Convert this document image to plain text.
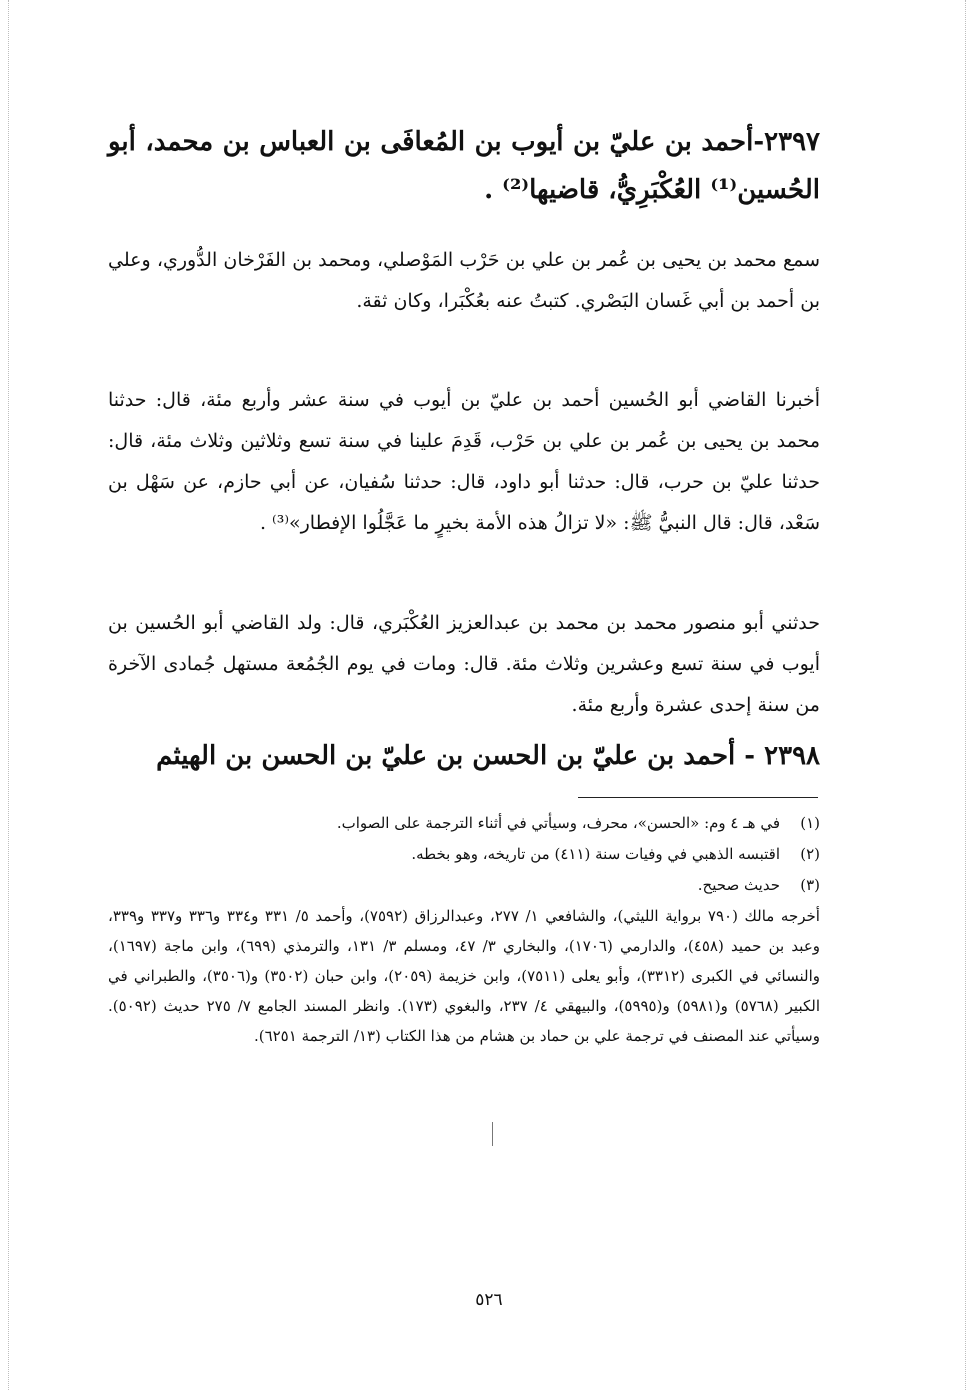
٢٣٩٧-أحمد بن عليّ بن أيوب بن المُعافَى بن العباس بن محمد، أبو الحُسين⁽¹⁾ العُكْبَرِيُّ، قاضيها⁽²⁾ .
سمع محمد بن يحيى بن عُمر بن علي بن حَرْب المَوْصلي، ومحمد بن الفَرْخان الدُّوري، وعلي بن أحمد بن أبي غَسان البَصْري. كتبتُ عنه بعُكْبَرا، وكان ثقة.
أخبرنا القاضي أبو الحُسين أحمد بن عليّ بن أيوب في سنة عشر وأربع مئة، قال: حدثنا محمد بن يحيى بن عُمر بن علي بن حَرْب، قَدِمَ علينا في سنة تسع وثلاثين وثلاث مئة، قال: حدثنا عليّ بن حرب، قال: حدثنا أبو داود، قال: حدثنا سُفيان، عن أبي حازم، عن سَهْل بن سَعْد، قال: قال النبيُّ ﷺ: «لا تزالُ هذه الأمة بخيرٍ ما عَجَّلُوا الإفطار»⁽³⁾ .
حدثني أبو منصور محمد بن محمد بن عبدالعزيز العُكْبَري، قال: ولد القاضي أبو الحُسين بن أيوب في سنة تسع وعشرين وثلاث مئة. قال: ومات في يوم الجُمُعة مستهل جُمادى الآخرة من سنة إحدى عشرة وأربع مئة.
٢٣٩٨ - أحمد بن عليّ بن الحسن بن عليّ بن الحسن بن الهيثم
(١)
في هـ ٤ وم: «الحسن»، محرف، وسيأتي في أثناء الترجمة على الصواب.
(٢)
اقتبسه الذهبي في وفيات سنة (٤١١) من تاريخه، وهو بخطه.
(٣)
حديث صحيح.
أخرجه مالك (٧٩٠ برواية الليثي)، والشافعي ١/ ٢٧٧، وعبدالرزاق (٧٥٩٢)، وأحمد ٥/ ٣٣١ و٣٣٤ و٣٣٦ و٣٣٧ و٣٣٩، وعبد بن حميد (٤٥٨)، والدارمي (١٧٠٦)، والبخاري ٣/ ٤٧، ومسلم ٣/ ١٣١، والترمذي (٦٩٩)، وابن ماجة (١٦٩٧)، والنسائي في الكبرى (٣٣١٢)، وأبو يعلى (٧٥١١)، وابن خزيمة (٢٠٥٩)، وابن حبان (٣٥٠٢) و(٣٥٠٦)، والطبراني في الكبير (٥٧٦٨) و(٥٩٨١) و(٥٩٩٥)، والبيهقي ٤/ ٢٣٧، والبغوي (١٧٣). وانظر المسند الجامع ٧/ ٢٧٥ حديث (٥٠٩٢). وسيأتي عند المصنف في ترجمة علي بن حماد بن هشام من هذا الكتاب (١٣/ الترجمة ٦٢٥١).
٥٢٦
